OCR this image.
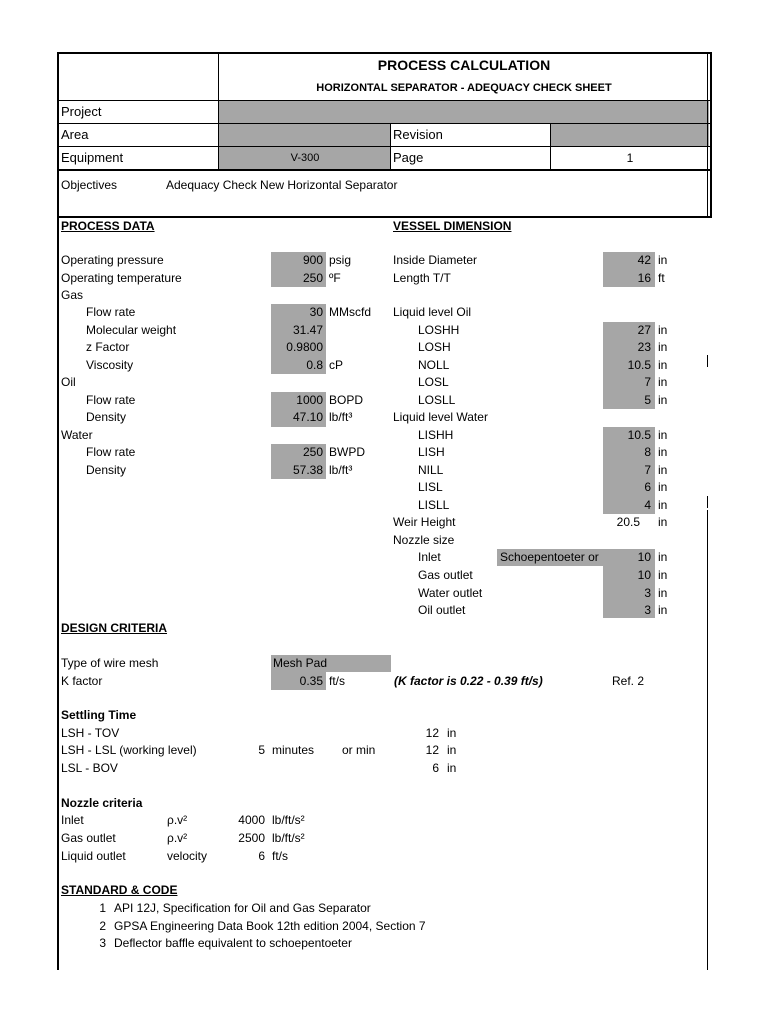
PROCESS CALCULATION
HORIZONTAL SEPARATOR - ADEQUACY CHECK SHEET
Project
Area	Revision
Equipment	V-300	Page	1
Objectives	Adequacy Check New Horizontal Separator
PROCESS DATA
Operating pressure	900 psig
Operating temperature	250 ºF
Gas
Flow rate	30 MMscfd
Molecular weight	31.47
z Factor	0.9800
Viscosity	0.8 cP
Oil
Flow rate	1000 BOPD
Density	47.10 lb/ft³
Water
Flow rate	250 BWPD
Density	57.38 lb/ft³
VESSEL DIMENSION
Inside Diameter	42 in
Length T/T	16 ft
Liquid level Oil
LOSHH	27 in
LOSH	23 in
NOLL	10.5 in
LOSL	7 in
LOSLL	5 in
Liquid level Water
LISHH	10.5 in
LISH	8 in
NILL	7 in
LISL	6 in
LISLL	4 in
Weir Height	20.5 in
Nozzle size
Inlet	Schoepentoeter or	10 in
Gas outlet	10 in
Water outlet	3 in
Oil outlet	3 in
DESIGN CRITERIA
Type of wire mesh	Mesh Pad
K factor	0.35 ft/s	(K factor is 0.22 - 0.39 ft/s)	Ref. 2
Settling Time
LSH - TOV	12 in
LSH - LSL (working level)	5 minutes or min	12 in
LSL - BOV	6 in
Nozzle criteria
Inlet	ρ.v²	4000 lb/ft/s²
Gas outlet	ρ.v²	2500 lb/ft/s²
Liquid outlet	velocity	6 ft/s
STANDARD & CODE
1 API 12J, Specification for Oil and Gas Separator
2 GPSA Engineering Data Book 12th edition 2004, Section 7
3 Deflector baffle equivalent to schoepentoeter
